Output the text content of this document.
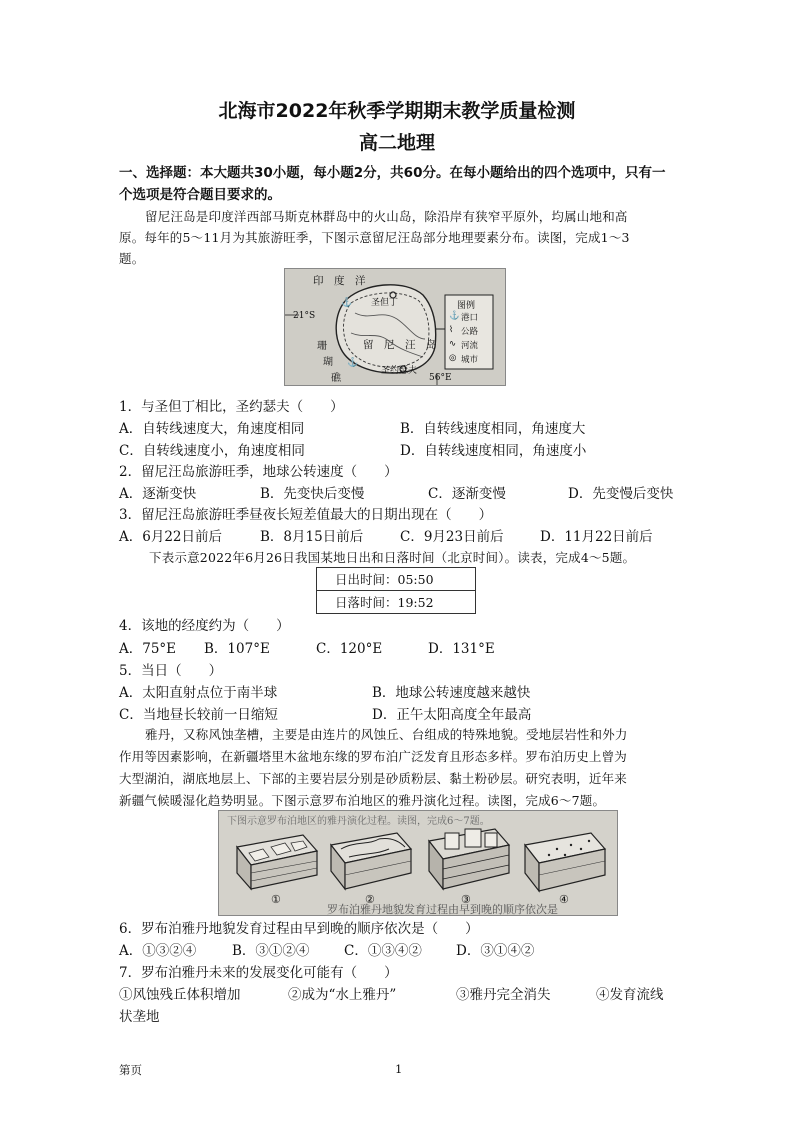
北海市2022年秋季学期期末教学质量检测
高二地理
一、选择题：本大题共30小题，每小题2分，共60分。在每小题给出的四个选项中，只有一
个选项是符合题目要求的。
留尼汪岛是印度洋西部马斯克林群岛中的火山岛，除沿岸有狭窄平原外，均属山地和高
原。每年的5～11月为其旅游旺季，下图示意留尼汪岛部分地理要素分布。读图，完成1～3
题。
⚓
⚓
印　度　洋
圣但丁
21°S
留　尼　汪　岛
珊
瑚
礁
圣约瑟夫
56°E
图例
⚓ 港口
⌇ 公路
∿ 河流
◎ 城市
1．与圣但丁相比，圣约瑟夫（　　）
A．自转线速度大，角速度相同	B．自转线速度相同，角速度大
C．自转线速度小，角速度相同	D．自转线速度相同，角速度小
2．留尼汪岛旅游旺季，地球公转速度（　　）
A．逐渐变快	B．先变快后变慢	C．逐渐变慢	D．先变慢后变快
3．留尼汪岛旅游旺季昼夜长短差值最大的日期出现在（　　）
A．6月22日前后	B．8月15日前后	C．9月23日前后	D．11月22日前后
下表示意2022年6月26日我国某地日出和日落时间（北京时间）。读表，完成4～5题。
日出时间：05:50
日落时间：19:52
4．该地的经度约为（　　）
A．75°E B．107°E	C．120°E	D．131°E
5．当日（　　）
A．太阳直射点位于南半球	B．地球公转速度越来越快
C．当地昼长较前一日缩短	D．正午太阳高度全年最高
雅丹，又称风蚀垄槽，主要是由连片的风蚀丘、台组成的特殊地貌。受地层岩性和外力
作用等因素影响，在新疆塔里木盆地东缘的罗布泊广泛发育且形态多样。罗布泊历史上曾为
大型湖泊，湖底地层上、下部的主要岩层分别是砂质粉层、黏土粉砂层。研究表明，近年来
新疆气候暖湿化趋势明显。下图示意罗布泊地区的雅丹演化过程。读图，完成6～7题。
下图示意罗布泊地区的雅丹演化过程。读图，完成6～7题。
①	②	③	④
罗布泊雅丹地貌发育过程由早到晚的顺序依次是
6．罗布泊雅丹地貌发育过程由早到晚的顺序依次是（　　）
A．①③②④	B．③①②④	C．①③④②	D．③①④②
7．罗布泊雅丹未来的发展变化可能有（　　）
①风蚀残丘体积增加	②成为“水上雅丹”	③雅丹完全消失	④发育流线
状垄地
第页	1
